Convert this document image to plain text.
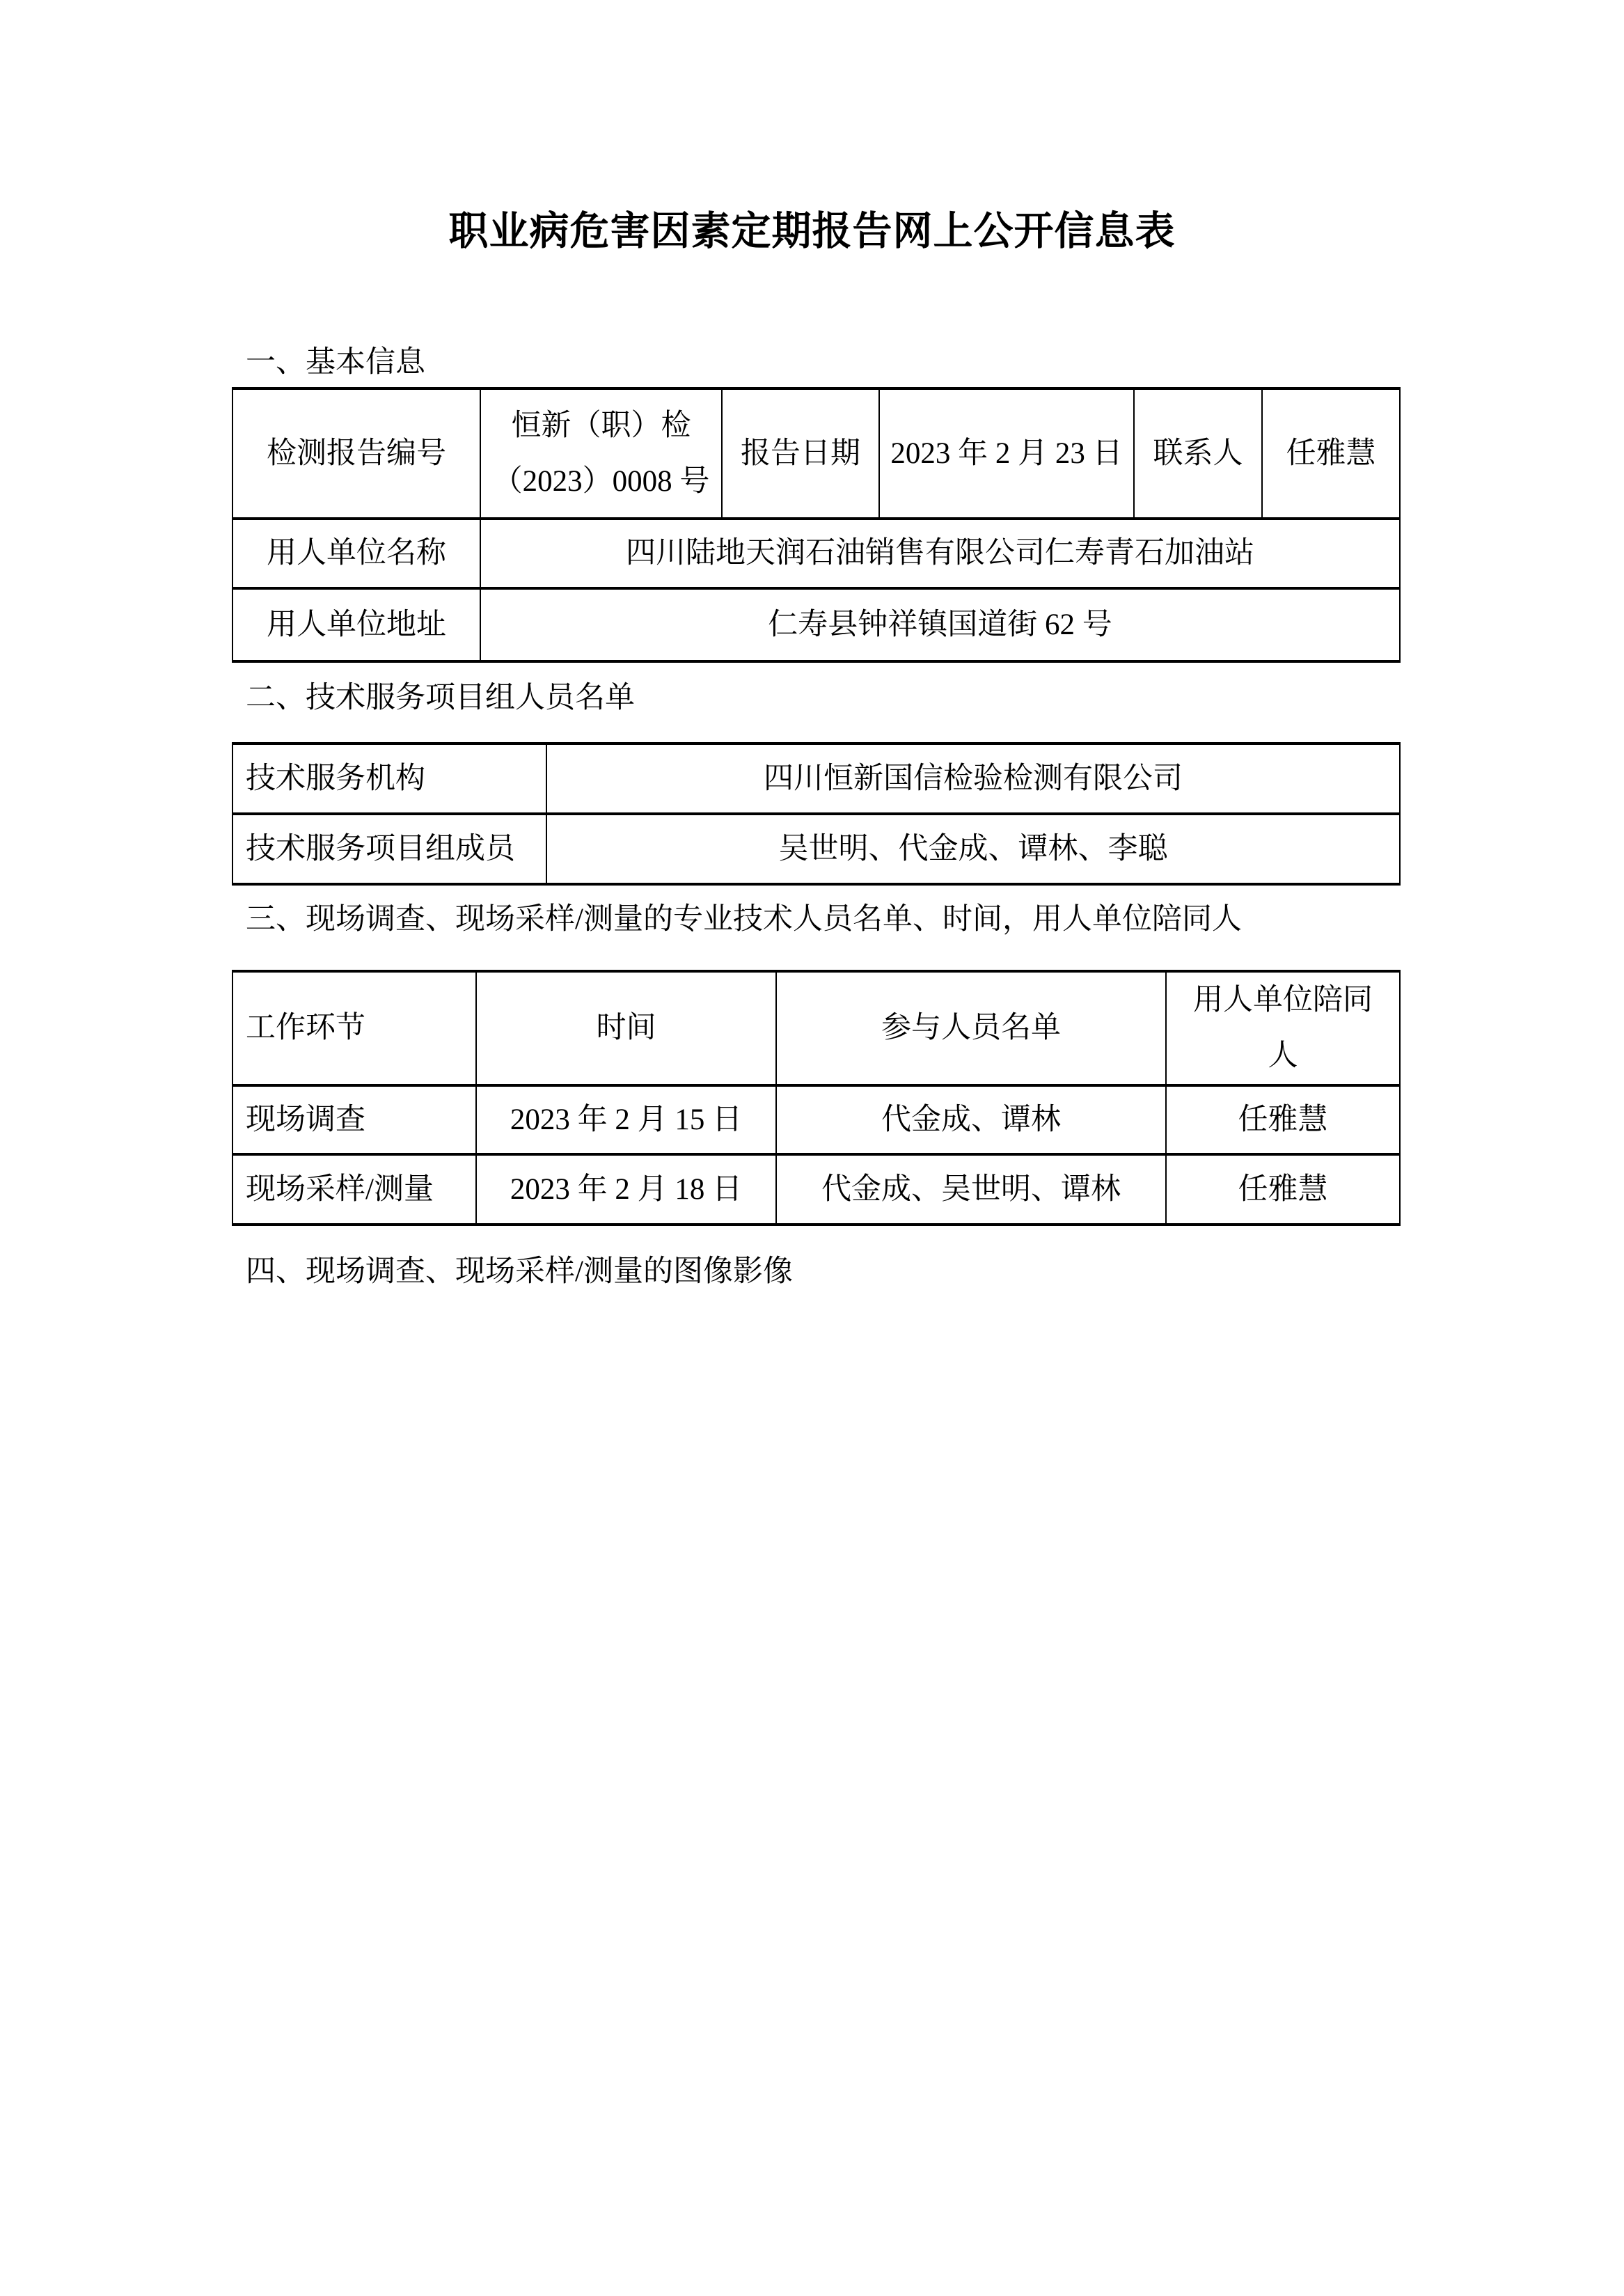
职业病危害因素定期报告网上公开信息表
一、基本信息
检测报告编号	恒新（职）检（2023）0008 号	报告日期	2023 年 2 月 23 日	联系人	任雅慧
用人单位名称	四川陆地天润石油销售有限公司仁寿青石加油站				
用人单位地址	仁寿县钟祥镇国道街 62 号				
二、技术服务项目组人员名单
技术服务机构	四川恒新国信检验检测有限公司
技术服务项目组成员	吴世明、代金成、谭林、李聪
三、现场调查、现场采样/测量的专业技术人员名单、时间，用人单位陪同人
工作环节	时间	参与人员名单	用人单位陪同人
现场调查	2023 年 2 月 15 日	代金成、谭林	任雅慧
现场采样/测量	2023 年 2 月 18 日	代金成、吴世明、谭林	任雅慧
四、现场调查、现场采样/测量的图像影像
